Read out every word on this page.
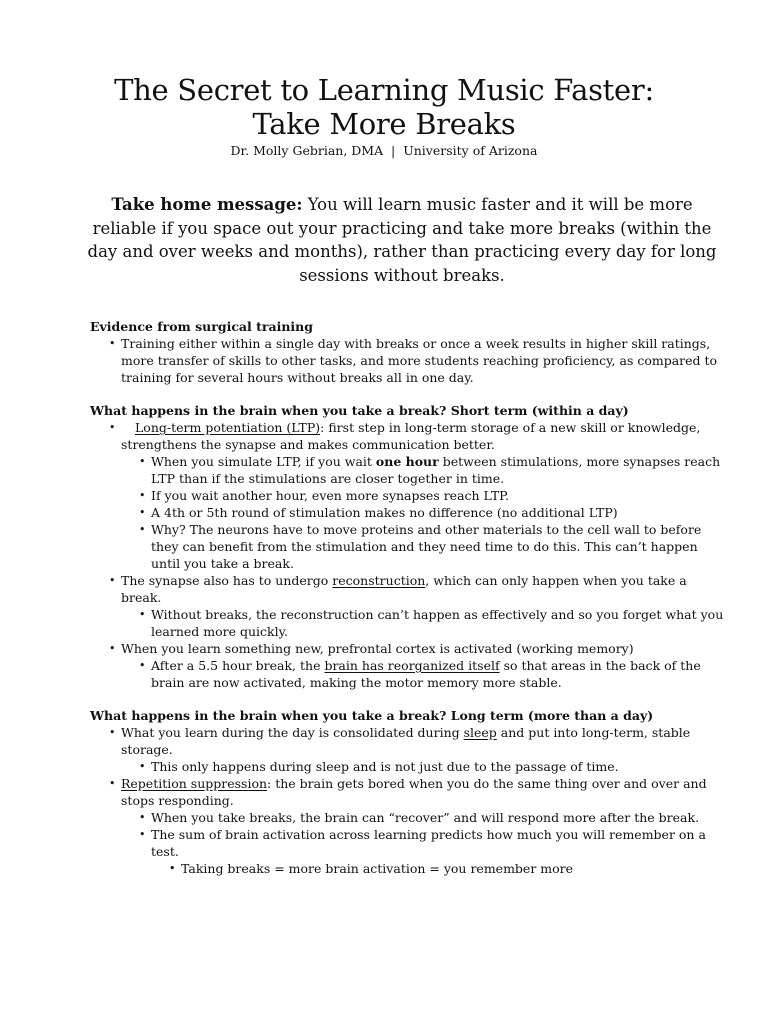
The Secret to Learning Music Faster:
Take More Breaks
Dr. Molly Gebrian, DMA  |  University of Arizona
Take home message: You will learn music faster and it will be more reliable if you space out your practicing and take more breaks (within the day and over weeks and months), rather than practicing every day for long sessions without breaks.
Evidence from surgical training
• Training either within a single day with breaks or once a week results in higher skill ratings, more transfer of skills to other tasks, and more students reaching proficiency, as compared to training for several hours without breaks all in one day.
What happens in the brain when you take a break? Short term (within a day)
• Long-term potentiation (LTP): first step in long-term storage of a new skill or knowledge, strengthens the synapse and makes communication better.
• When you simulate LTP, if you wait one hour between stimulations, more synapses reach LTP than if the stimulations are closer together in time.
• If you wait another hour, even more synapses reach LTP.
• A 4th or 5th round of stimulation makes no difference (no additional LTP)
• Why? The neurons have to move proteins and other materials to the cell wall to before they can benefit from the stimulation and they need time to do this. This can’t happen until you take a break.
• The synapse also has to undergo reconstruction, which can only happen when you take a break.
• Without breaks, the reconstruction can’t happen as effectively and so you forget what you learned more quickly.
• When you learn something new, prefrontal cortex is activated (working memory)
• After a 5.5 hour break, the brain has reorganized itself so that areas in the back of the brain are now activated, making the motor memory more stable.
What happens in the brain when you take a break? Long term (more than a day)
• What you learn during the day is consolidated during sleep and put into long-term, stable storage.
• This only happens during sleep and is not just due to the passage of time.
• Repetition suppression: the brain gets bored when you do the same thing over and over and stops responding.
• When you take breaks, the brain can “recover” and will respond more after the break.
• The sum of brain activation across learning predicts how much you will remember on a test.
• Taking breaks = more brain activation = you remember more
